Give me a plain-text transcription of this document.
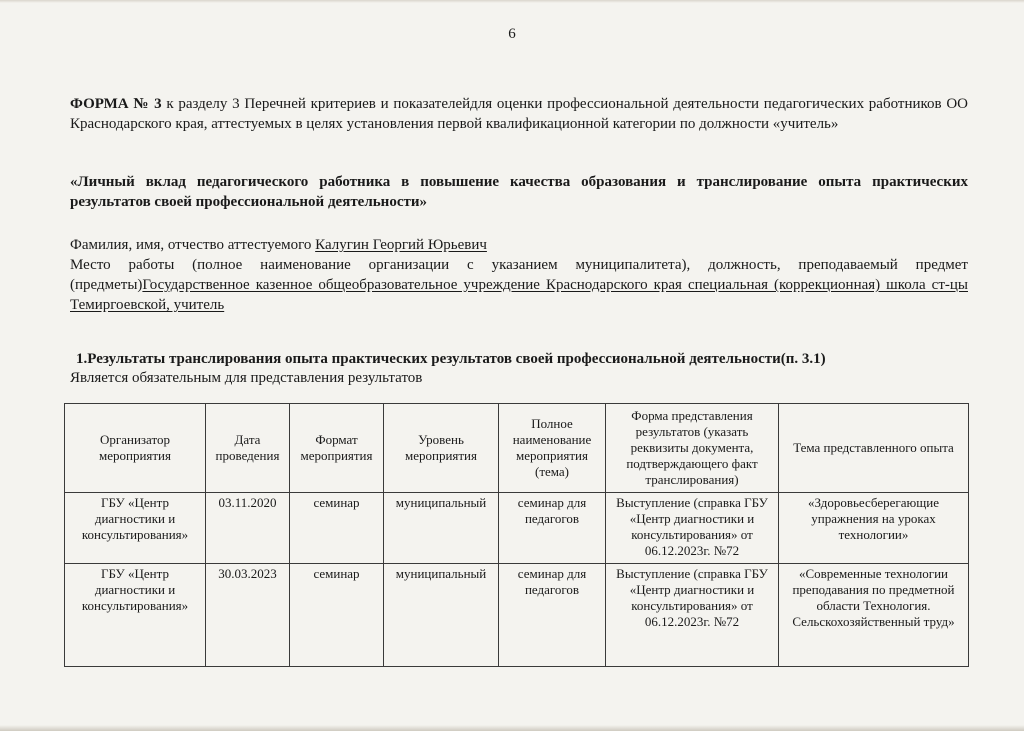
6
ФОРМА № 3 к разделу 3 Перечней критериев и показателейдля оценки профессиональной деятельности педагогических работников ОО Краснодарского края, аттестуемых в целях установления первой квалификационной категории по должности «учитель»
«Личный вклад педагогического работника в повышение качества образования и транслирование опыта практических результатов своей профессиональной деятельности»
Фамилия, имя, отчество аттестуемого Калугин Георгий Юрьевич
Место работы (полное наименование организации с указанием муниципалитета), должность, преподаваемый предмет (предметы)Государственное казенное общеобразовательное учреждение Краснодарского края специальная (коррекционная) школа ст-цы Темиргоевской, учитель
1.Результаты транслирования опыта практических результатов своей профессиональной деятельности(п. 3.1)
Является обязательным для представления результатов
Организатор мероприятия	Дата проведения	Формат мероприятия	Уровень мероприятия	Полное наименование мероприятия (тема)	Форма представления результатов (указать реквизиты документа, подтверждающего факт транслирования)	Тема представленного опыта
ГБУ «Центр диагностики и консультирования»	03.11.2020	семинар	муниципальный	семинар для педагогов	Выступление (справка ГБУ «Центр диагностики и консультирования» от 06.12.2023г. №72	«Здоровьесберегающие упражнения на уроках технологии»
ГБУ «Центр диагностики и консультирования»	30.03.2023	семинар	муниципальный	семинар для педагогов	Выступление (справка ГБУ «Центр диагностики и консультирования» от 06.12.2023г. №72	«Современные технологии преподавания по предметной области Технология. Сельскохозяйственный труд»
